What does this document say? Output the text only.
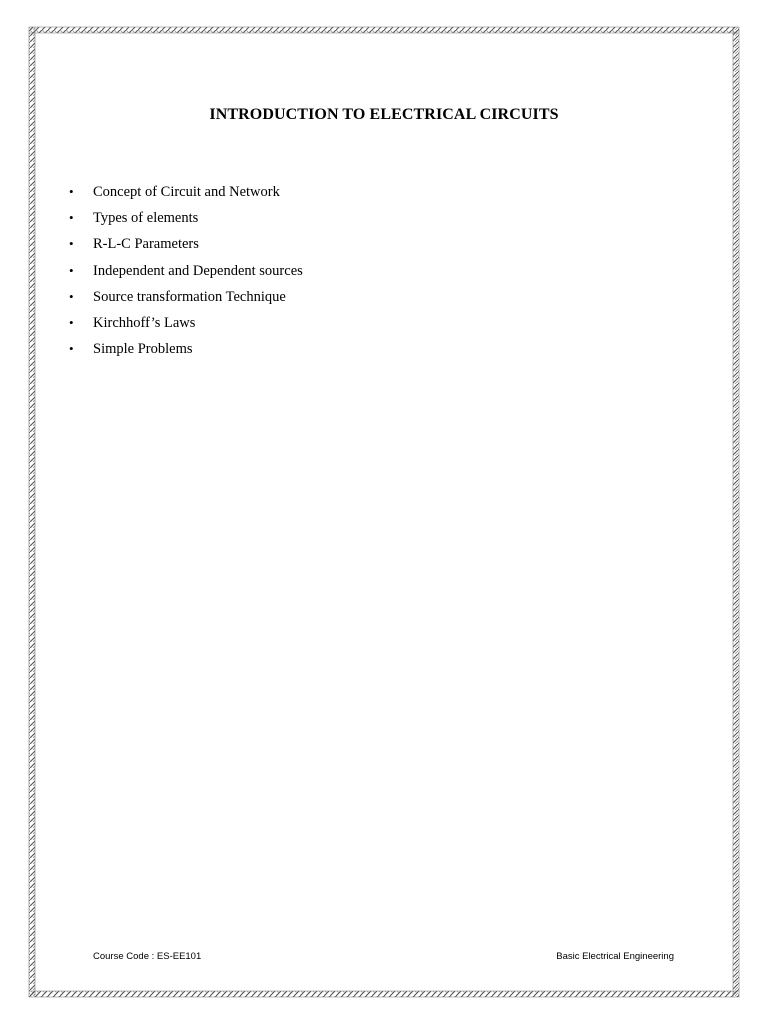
INTRODUCTION TO ELECTRICAL CIRCUITS
• Concept of Circuit and Network
• Types of elements
• R-L-C Parameters
• Independent and Dependent sources
• Source transformation Technique
• Kirchhoff’s Laws
• Simple Problems
Course Code : ES-EE101	Basic Electrical Engineering
